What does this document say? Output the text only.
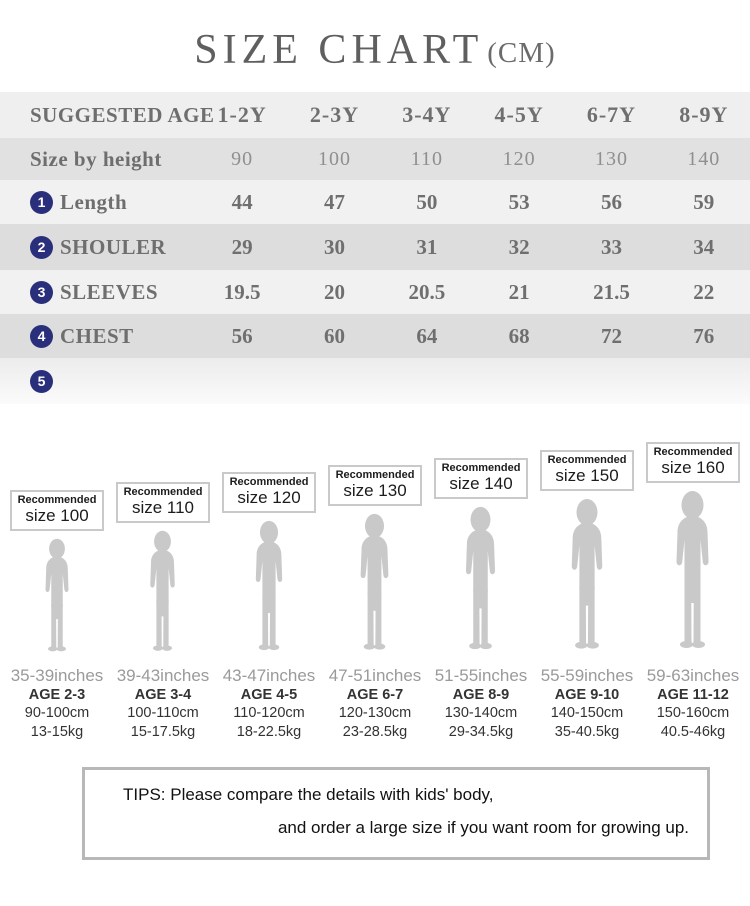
SIZE CHART (CM)
SUGGESTED AGE 1-2Y	2-3Y	3-4Y	4-5Y	6-7Y	8-9Y
Size by height	90	100	110	120	130	140
1 Length	44	47	50	53	56	59
2 SHOULER	29	30	31	32	33	34
3 SLEEVES	19.5	20	20.5	21	21.5	22
4 CHEST	56	60	64	68	72	76
5
Recommended
size 100
35-39inches
AGE 2-3
90-100cm
13-15kg
Recommended
size 110
39-43inches
AGE 3-4
100-110cm
15-17.5kg
Recommended
size 120
43-47inches
AGE 4-5
110-120cm
18-22.5kg
Recommended
size 130
47-51inches
AGE 6-7
120-130cm
23-28.5kg
Recommended
size 140
51-55inches
AGE 8-9
130-140cm
29-34.5kg
Recommended
size 150
55-59inches
AGE 9-10
140-150cm
35-40.5kg
Recommended
size 160
59-63inches
AGE 11-12
150-160cm
40.5-46kg
TIPS: Please compare the details with kids' body,
and order a large size if you want room for growing up.
